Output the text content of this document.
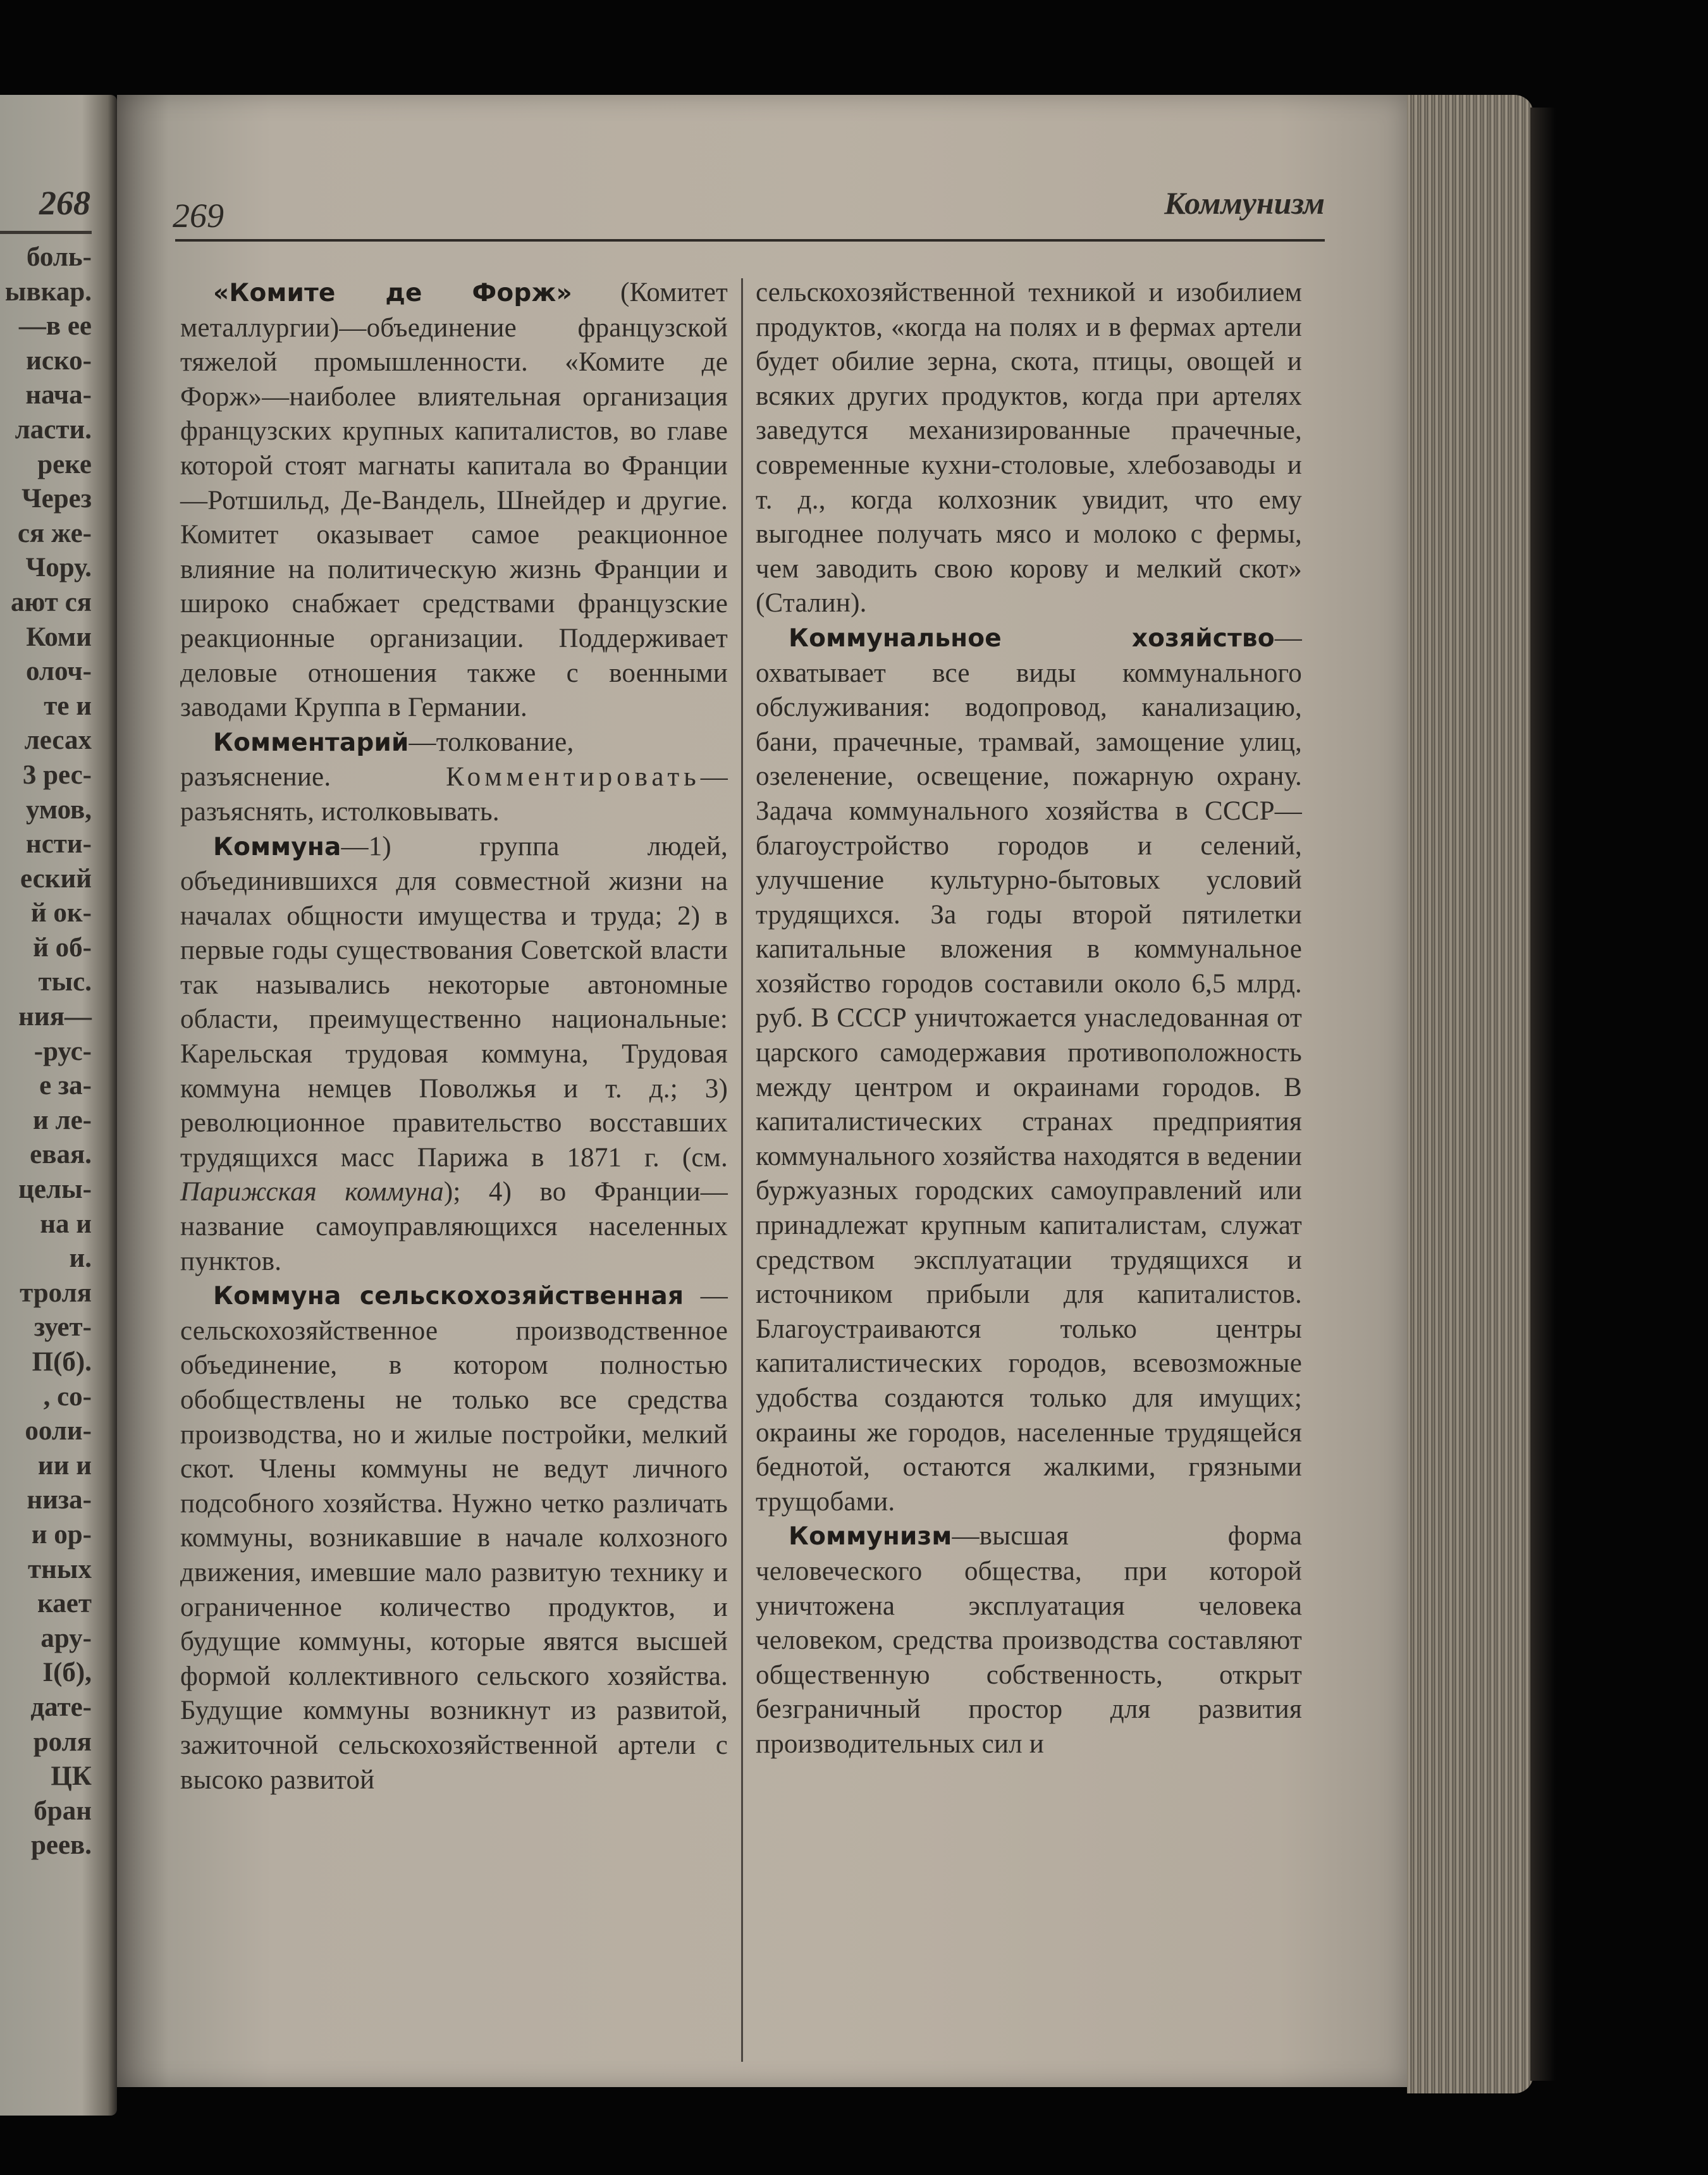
268
боль-
ывкар.
—в ее
иско-
нача-
ласти.
реке
Через
ся же-
Чору.
ают ся
Коми
олоч-
те и
лесах
3 рес-
умов,
нсти-
еский
й ок-
й об-
тыс.
ния—
-рус-
е за-
и ле-
евая.
целы-
на и
и.
троля
зует-
П(б).
, со-
ооли-
ии и
низа-
и ор-
тных
кает
ару-
I(б),
дате-
роля
ЦК
бран
реев.
269	Коммунизм

«Комите де Форж» (Комитет металлургии)—объединение французской тяжелой промышленности. «Комите де Форж»—наиболее влиятельная организация французских крупных капиталистов, во главе которой стоят магнаты капитала во Франции—Ротшильд, Де-Вандель, Шнейдер и другие. Комитет оказывает самое реакционное влияние на политическую жизнь Франции и широко снабжает средствами французские реакционные организации. Поддерживает деловые отношения также с военными заводами Круппа в Германии.

Комментарий—толкование, разъяснение. Комментировать—разъяснять, истолковывать.

Коммуна—1) группа людей, объединившихся для совместной жизни на началах общности имущества и труда; 2) в первые годы существования Советской власти так назывались некоторые автономные области, преимущественно национальные: Карельская трудовая коммуна, Трудовая коммуна немцев Поволжья и т. д.; 3) революционное правительство восставших трудящихся масс Парижа в 1871 г. (см. Парижская коммуна); 4) во Франции—название самоуправляющихся населенных пунктов.

Коммуна сельскохозяйственная — сельскохозяйственное производственное объединение, в котором полностью обобществлены не только все средства производства, но и жилые постройки, мелкий скот. Члены коммуны не ведут личного подсобного хозяйства. Нужно четко различать коммуны, возникавшие в начале колхозного движения, имевшие мало развитую технику и ограниченное количество продуктов, и будущие коммуны, которые явятся высшей формой коллективного сельского хозяйства. Будущие коммуны возникнут из развитой, зажиточной сельскохозяйственной артели с высоко развитой

сельскохозяйственной техникой и изобилием продуктов, «когда на полях и в фермах артели будет обилие зерна, скота, птицы, овощей и всяких других продуктов, когда при артелях заведутся механизированные прачечные, современные кухни-столовые, хлебозаводы и т. д., когда колхозник увидит, что ему выгоднее получать мясо и молоко с фермы, чем заводить свою корову и мелкий скот» (Сталин).

Коммунальное хозяйство—охватывает все виды коммунального обслуживания: водопровод, канализацию, бани, прачечные, трамвай, замощение улиц, озеленение, освещение, пожарную охрану. Задача коммунального хозяйства в СССР—благоустройство городов и селений, улучшение культурно-бытовых условий трудящихся. За годы второй пятилетки капитальные вложения в коммунальное хозяйство городов составили около 6,5 млрд. руб. В СССР уничтожается унаследованная от царского самодержавия противоположность между центром и окраинами городов. В капиталистических странах предприятия коммунального хозяйства находятся в ведении буржуазных городских самоуправлений или принадлежат крупным капиталистам, служат средством эксплуатации трудящихся и источником прибыли для капиталистов. Благоустраиваются только центры капиталистических городов, всевозможные удобства создаются только для имущих; окраины же городов, населенные трудящейся беднотой, остаются жалкими, грязными трущобами.

Коммунизм—высшая форма человеческого общества, при которой уничтожена эксплуатация человека человеком, средства производства составляют общественную собственность, открыт безграничный простор для развития производительных сил и
